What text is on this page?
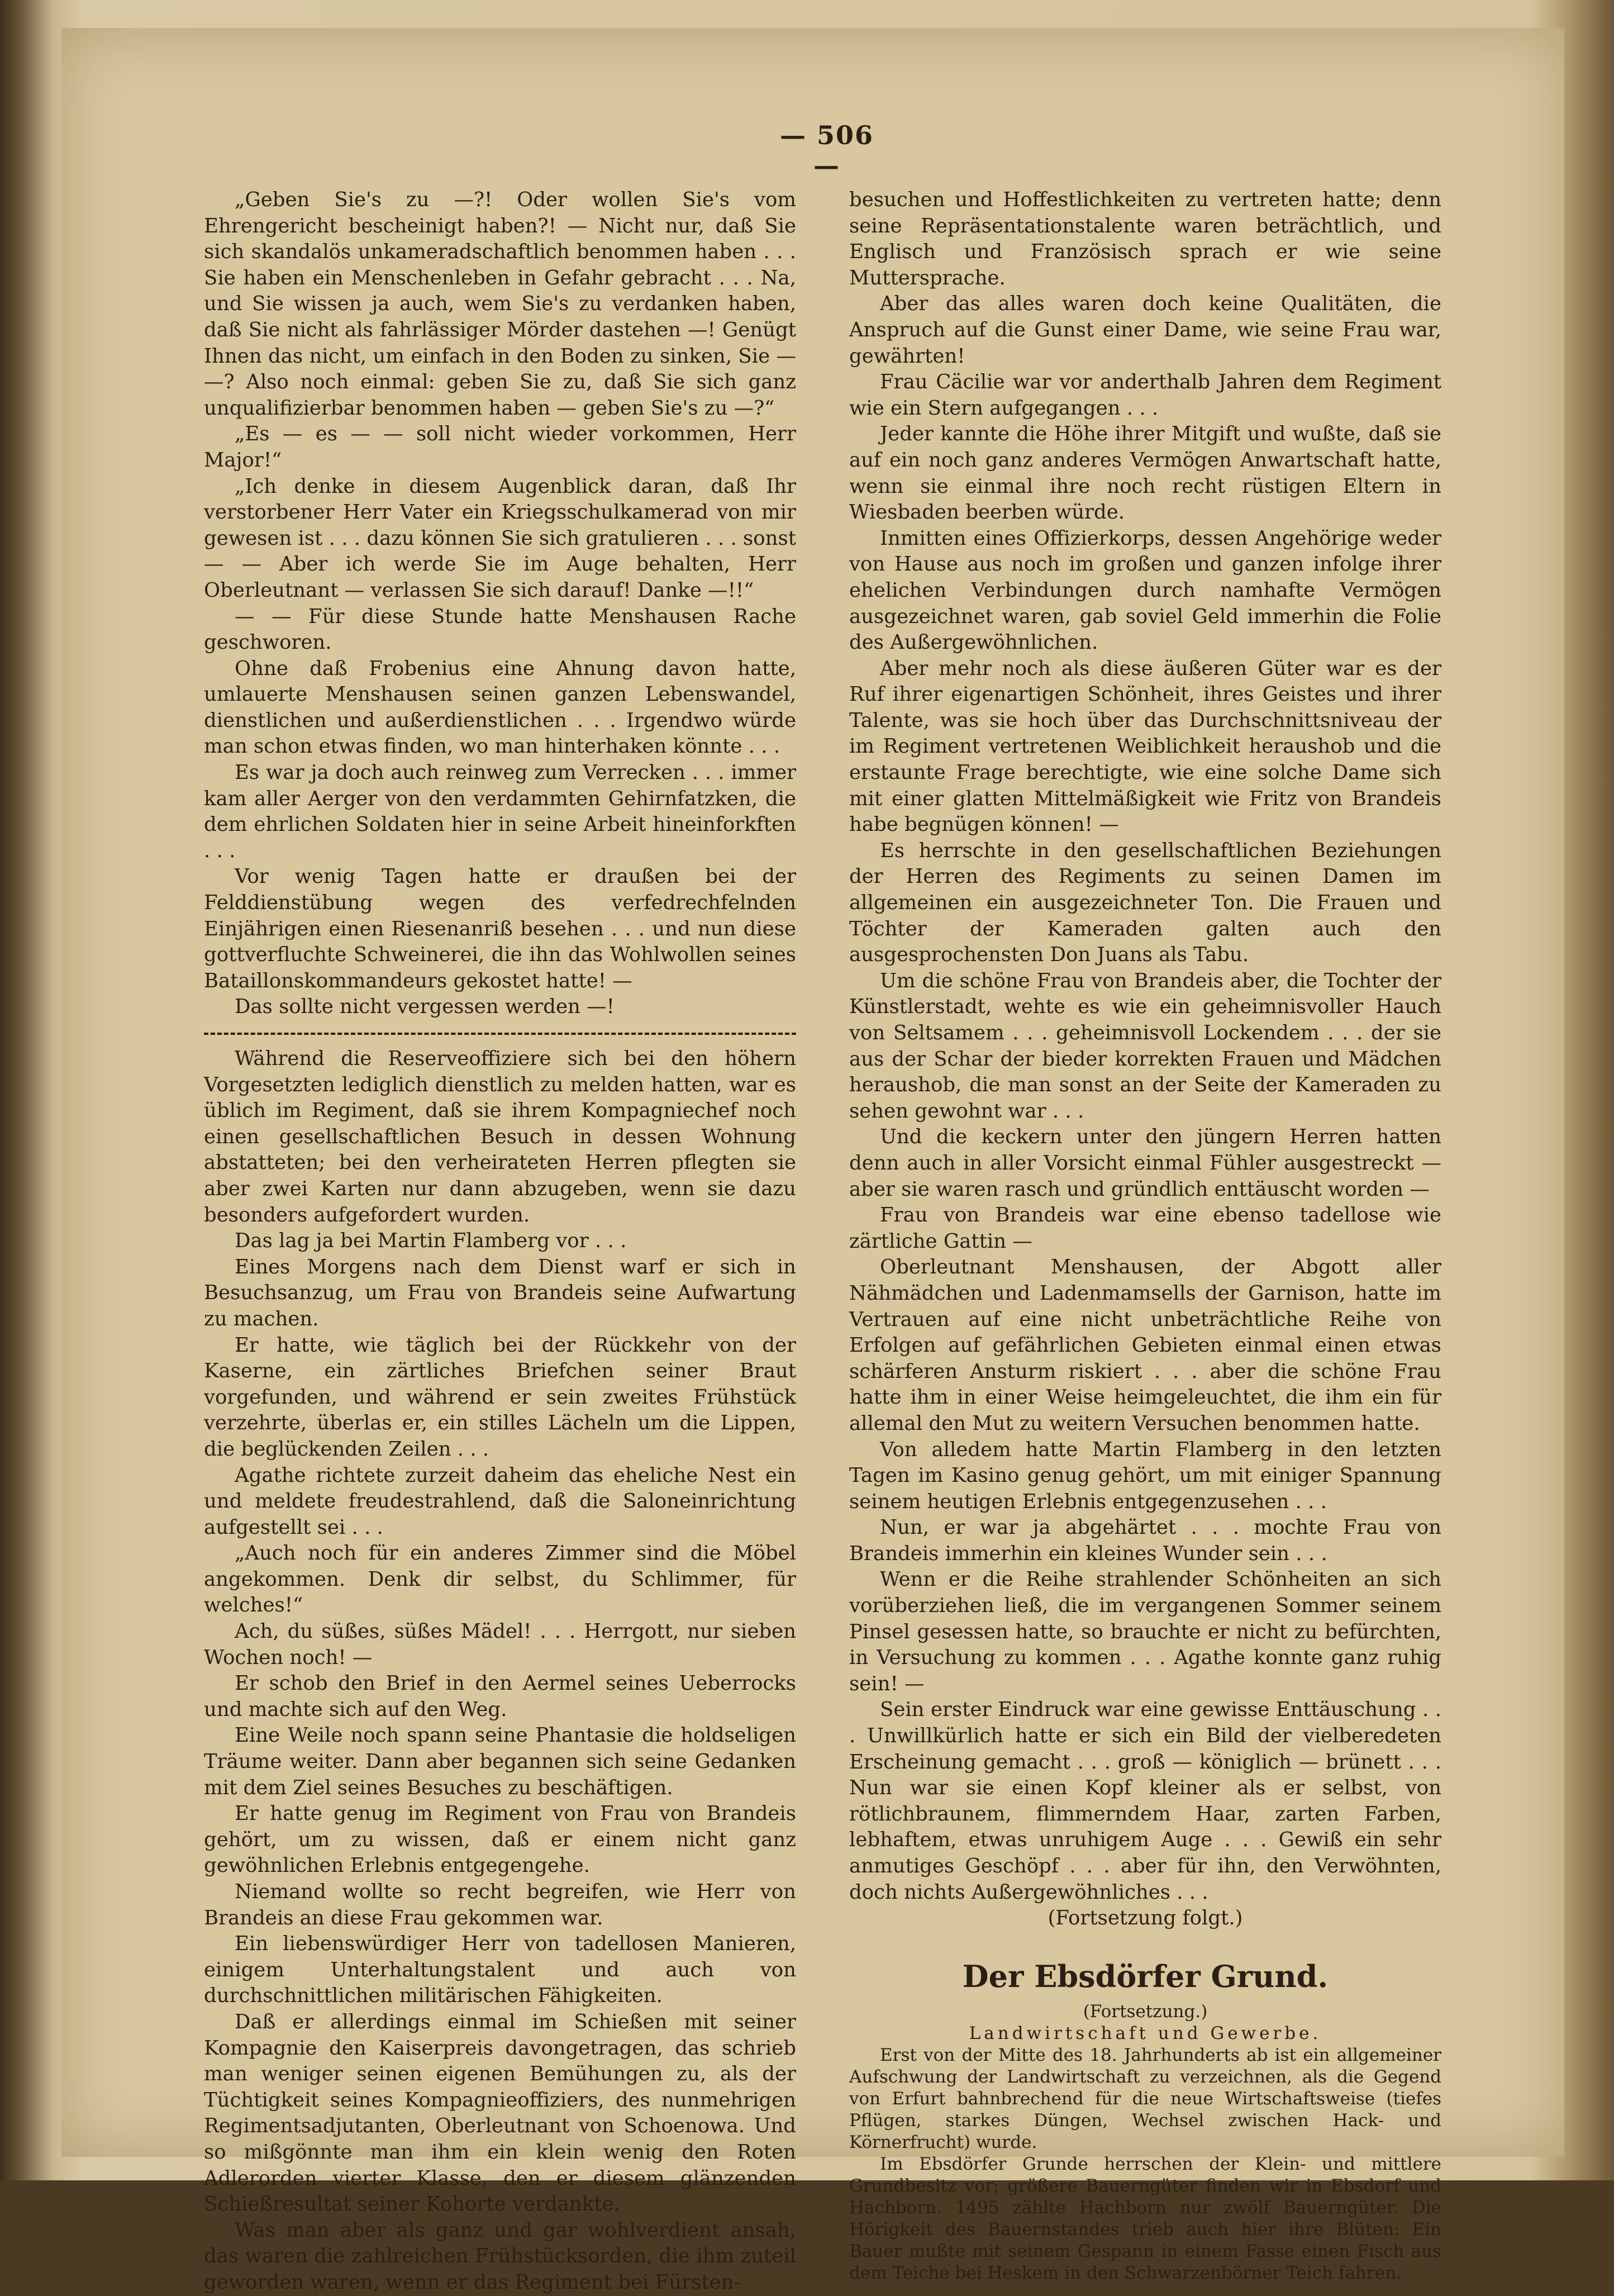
— 506 —

„Geben Sie's zu —?! Oder wollen Sie's vom Ehrengericht bescheinigt haben?! — Nicht nur, daß Sie sich skandalös unkameradschaftlich benommen haben . . . Sie haben ein Menschenleben in Gefahr gebracht . . . Na, und Sie wissen ja auch, wem Sie's zu verdanken haben, daß Sie nicht als fahrlässiger Mörder dastehen —! Genügt Ihnen das nicht, um einfach in den Boden zu sinken, Sie — —? Also noch einmal: geben Sie zu, daß Sie sich ganz unqualifizierbar benommen haben — geben Sie's zu —?“

„Es — es — — soll nicht wieder vorkommen, Herr Major!“

„Ich denke in diesem Augenblick daran, daß Ihr verstorbener Herr Vater ein Kriegsschulkamerad von mir gewesen ist . . . dazu können Sie sich gratulieren . . . sonst — — Aber ich werde Sie im Auge behalten, Herr Oberleutnant — verlassen Sie sich darauf! Danke —!!“

— — Für diese Stunde hatte Menshausen Rache geschworen.

Ohne daß Frobenius eine Ahnung davon hatte, umlauerte Menshausen seinen ganzen Lebenswandel, dienstlichen und außerdienstlichen . . . Irgendwo würde man schon etwas finden, wo man hinterhaken könnte . . .

Es war ja doch auch reinweg zum Verrecken . . . immer kam aller Aerger von den verdammten Gehirnfatzken, die dem ehrlichen Soldaten hier in seine Arbeit hineinforkften . . .

Vor wenig Tagen hatte er draußen bei der Felddienstübung wegen des verfedrechfelnden Einjährigen einen Riesenanriß besehen . . . und nun diese gottverfluchte Schweinerei, die ihn das Wohlwollen seines Bataillonskommandeurs gekostet hatte! —

Das sollte nicht vergessen werden —!

Während die Reserveoffiziere sich bei den höhern Vorgesetzten lediglich dienstlich zu melden hatten, war es üblich im Regiment, daß sie ihrem Kompagniechef noch einen gesellschaftlichen Besuch in dessen Wohnung abstatteten; bei den verheirateten Herren pflegten sie aber zwei Karten nur dann abzugeben, wenn sie dazu besonders aufgefordert wurden.

Das lag ja bei Martin Flamberg vor . . .

Eines Morgens nach dem Dienst warf er sich in Besuchsanzug, um Frau von Brandeis seine Aufwartung zu machen.

Er hatte, wie täglich bei der Rückkehr von der Kaserne, ein zärtliches Briefchen seiner Braut vorgefunden, und während er sein zweites Frühstück verzehrte, überlas er, ein stilles Lächeln um die Lippen, die beglückenden Zeilen . . .

Agathe richtete zurzeit daheim das eheliche Nest ein und meldete freudestrahlend, daß die Saloneinrichtung aufgestellt sei . . .

„Auch noch für ein anderes Zimmer sind die Möbel angekommen. Denk dir selbst, du Schlimmer, für welches!“

Ach, du süßes, süßes Mädel! . . . Herrgott, nur sieben Wochen noch! —

Er schob den Brief in den Aermel seines Ueberrocks und machte sich auf den Weg.

Eine Weile noch spann seine Phantasie die holdseligen Träume weiter. Dann aber begannen sich seine Gedanken mit dem Ziel seines Besuches zu beschäftigen.

Er hatte genug im Regiment von Frau von Brandeis gehört, um zu wissen, daß er einem nicht ganz gewöhnlichen Erlebnis entgegengehe.

Niemand wollte so recht begreifen, wie Herr von Brandeis an diese Frau gekommen war.

Ein liebenswürdiger Herr von tadellosen Manieren, einigem Unterhaltungstalent und auch von durchschnittlichen militärischen Fähigkeiten.

Daß er allerdings einmal im Schießen mit seiner Kompagnie den Kaiserpreis davongetragen, das schrieb man weniger seinen eigenen Bemühungen zu, als der Tüchtigkeit seines Kompagnieoffiziers, des nunmehrigen Regimentsadjutanten, Oberleutnant von Schoenowa. Und so mißgönnte man ihm ein klein wenig den Roten Adlerorden vierter Klasse, den er diesem glänzenden Schießresultat seiner Kohorte verdankte.

Was man aber als ganz und gar wohlverdient ansah, das waren die zahlreichen Frühstücksorden, die ihm zuteil geworden waren, wenn er das Regiment bei Fürsten-

besuchen und Hoffestlichkeiten zu vertreten hatte; denn seine Repräsentationstalente waren beträchtlich, und Englisch und Französisch sprach er wie seine Muttersprache.

Aber das alles waren doch keine Qualitäten, die Anspruch auf die Gunst einer Dame, wie seine Frau war, gewährten!

Frau Cäcilie war vor anderthalb Jahren dem Regiment wie ein Stern aufgegangen . . .

Jeder kannte die Höhe ihrer Mitgift und wußte, daß sie auf ein noch ganz anderes Vermögen Anwartschaft hatte, wenn sie einmal ihre noch recht rüstigen Eltern in Wiesbaden beerben würde.

Inmitten eines Offizierkorps, dessen Angehörige weder von Hause aus noch im großen und ganzen infolge ihrer ehelichen Verbindungen durch namhafte Vermögen ausgezeichnet waren, gab soviel Geld immerhin die Folie des Außergewöhnlichen.

Aber mehr noch als diese äußeren Güter war es der Ruf ihrer eigenartigen Schönheit, ihres Geistes und ihrer Talente, was sie hoch über das Durchschnittsniveau der im Regiment vertretenen Weiblichkeit heraushob und die erstaunte Frage berechtigte, wie eine solche Dame sich mit einer glatten Mittelmäßigkeit wie Fritz von Brandeis habe begnügen können! —

Es herrschte in den gesellschaftlichen Beziehungen der Herren des Regiments zu seinen Damen im allgemeinen ein ausgezeichneter Ton. Die Frauen und Töchter der Kameraden galten auch den ausgesprochensten Don Juans als Tabu.

Um die schöne Frau von Brandeis aber, die Tochter der Künstlerstadt, wehte es wie ein geheimnisvoller Hauch von Seltsamem . . . geheimnisvoll Lockendem . . . der sie aus der Schar der bieder korrekten Frauen und Mädchen heraushob, die man sonst an der Seite der Kameraden zu sehen gewohnt war . . .

Und die keckern unter den jüngern Herren hatten denn auch in aller Vorsicht einmal Fühler ausgestreckt — aber sie waren rasch und gründlich enttäuscht worden —

Frau von Brandeis war eine ebenso tadellose wie zärtliche Gattin —

Oberleutnant Menshausen, der Abgott aller Nähmädchen und Ladenmamsells der Garnison, hatte im Vertrauen auf eine nicht unbeträchtliche Reihe von Erfolgen auf gefährlichen Gebieten einmal einen etwas schärferen Ansturm riskiert . . . aber die schöne Frau hatte ihm in einer Weise heimgeleuchtet, die ihm ein für allemal den Mut zu weitern Versuchen benommen hatte.

Von alledem hatte Martin Flamberg in den letzten Tagen im Kasino genug gehört, um mit einiger Spannung seinem heutigen Erlebnis entgegenzusehen . . .

Nun, er war ja abgehärtet . . . mochte Frau von Brandeis immerhin ein kleines Wunder sein . . .

Wenn er die Reihe strahlender Schönheiten an sich vorüberziehen ließ, die im vergangenen Sommer seinem Pinsel gesessen hatte, so brauchte er nicht zu befürchten, in Versuchung zu kommen . . . Agathe konnte ganz ruhig sein! —

Sein erster Eindruck war eine gewisse Enttäuschung . . . Unwillkürlich hatte er sich ein Bild der vielberedeten Erscheinung gemacht . . . groß — königlich — brünett . . . Nun war sie einen Kopf kleiner als er selbst, von rötlichbraunem, flimmerndem Haar, zarten Farben, lebhaftem, etwas unruhigem Auge . . . Gewiß ein sehr anmutiges Geschöpf . . . aber für ihn, den Verwöhnten, doch nichts Außergewöhnliches . . .

(Fortsetzung folgt.)

Der Ebsdörfer Grund.

(Fortsetzung.)

Landwirtschaft und Gewerbe.

Erst von der Mitte des 18. Jahrhunderts ab ist ein allgemeiner Aufschwung der Landwirtschaft zu verzeichnen, als die Gegend von Erfurt bahnbrechend für die neue Wirtschaftsweise (tiefes Pflügen, starkes Düngen, Wechsel zwischen Hack- und Körnerfrucht) wurde.

Im Ebsdörfer Grunde herrschen der Klein- und mittlere Grundbesitz vor; größere Bauerngüter finden wir in Ebsdorf und Hachborn. 1495 zählte Hachborn nur zwölf Bauerngüter. Die Hörigkeit des Bauernstandes trieb auch hier ihre Blüten: Ein Bauer mußte mit seinem Gespann in einem Fasse einen Fisch aus dem Teiche bei Heskem in den Schwarzenbörner Teich fahren.
